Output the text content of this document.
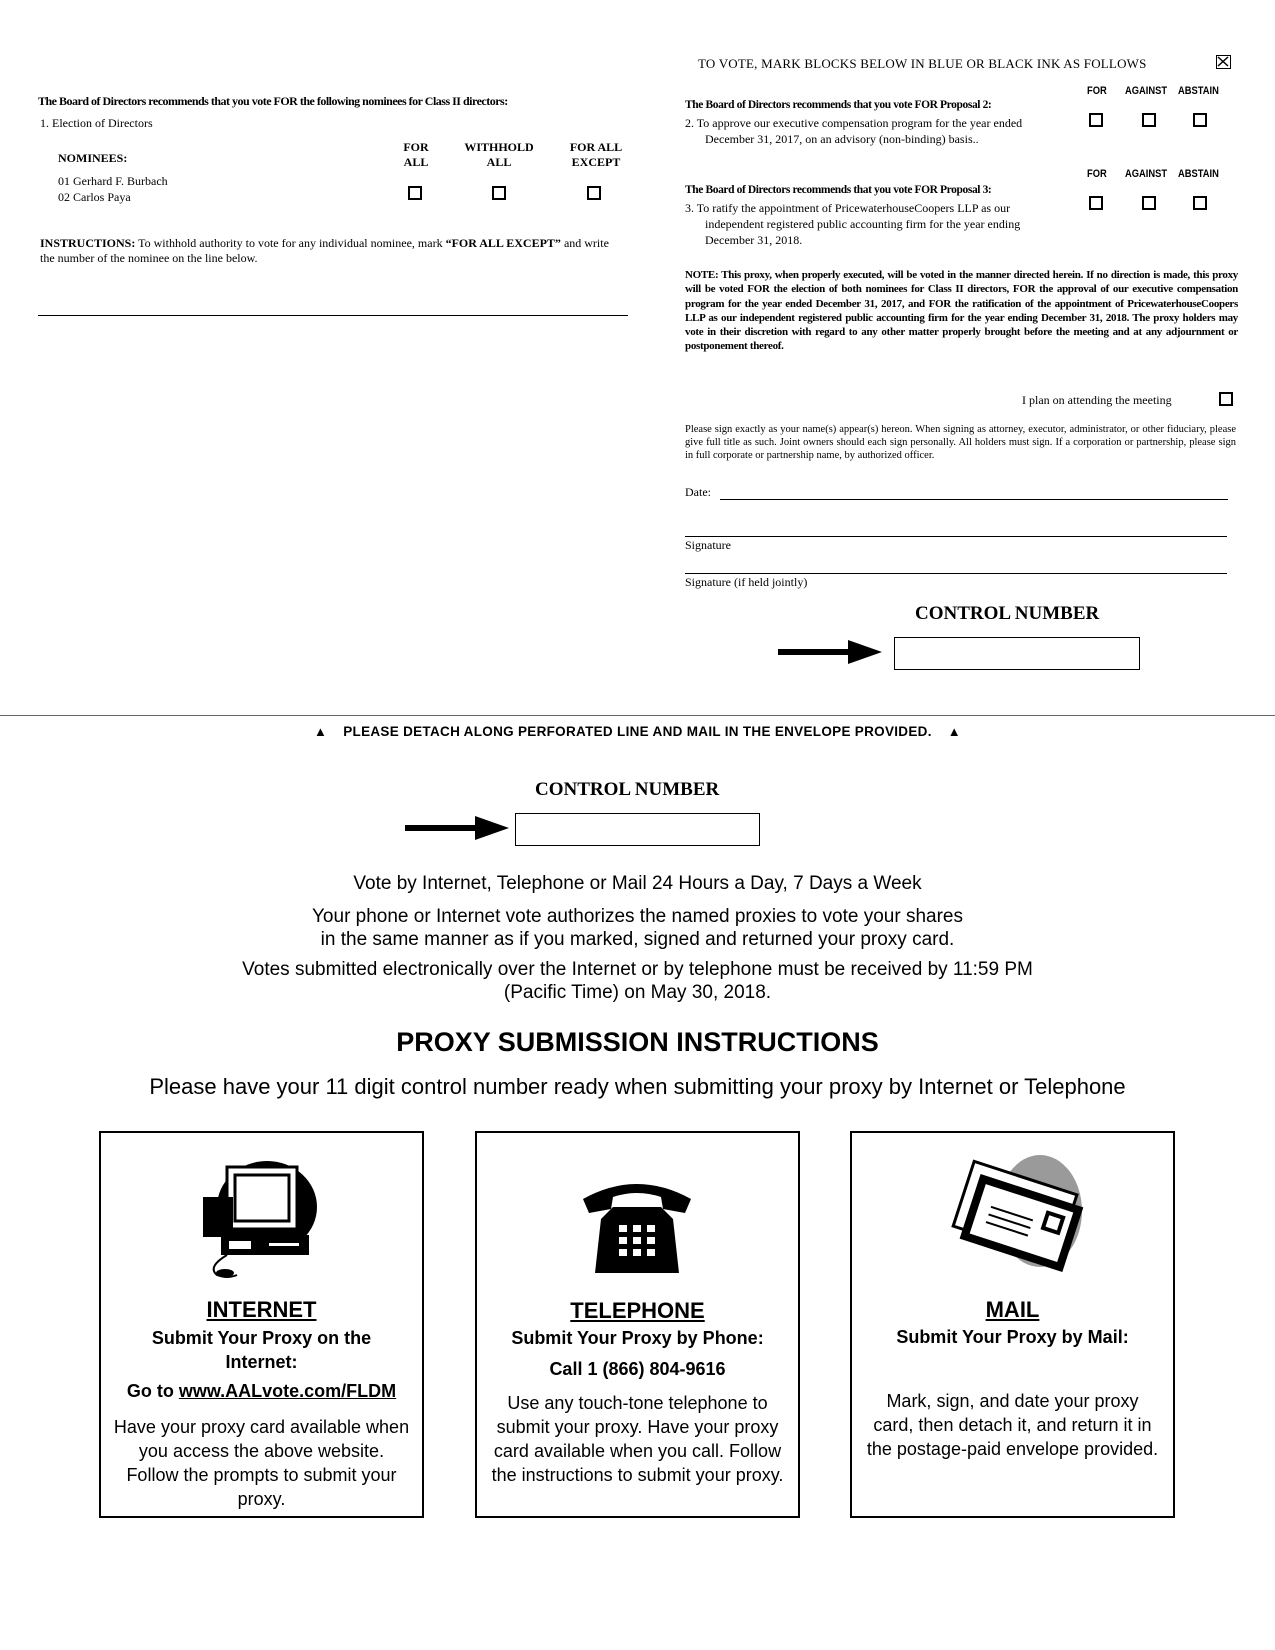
TO VOTE, MARK BLOCKS BELOW IN BLUE OR BLACK INK AS FOLLOWS
The Board of Directors recommends that you vote FOR the following nominees for Class II directors:
1. Election of Directors
FOR
ALL
WITHHOLD
ALL
FOR ALL
EXCEPT
NOMINEES:
01 Gerhard F. Burbach
02 Carlos Paya
INSTRUCTIONS: To withhold authority to vote for any individual nominee, mark “FOR ALL EXCEPT” and write the number of the nominee on the line below.
FOR AGAINST ABSTAIN
The Board of Directors recommends that you vote FOR Proposal 2:
2. To approve our executive compensation program for the year ended December 31, 2017, on an advisory (non-binding) basis..
FOR AGAINST ABSTAIN
The Board of Directors recommends that you vote FOR Proposal 3:
3. To ratify the appointment of PricewaterhouseCoopers LLP as our independent registered public accounting firm for the year ending December 31, 2018.
NOTE: This proxy, when properly executed, will be voted in the manner directed herein. If no direction is made, this proxy will be voted FOR the election of both nominees for Class II directors, FOR the approval of our executive compensation program for the year ended December 31, 2017, and FOR the ratification of the appointment of PricewaterhouseCoopers LLP as our independent registered public accounting firm for the year ending December 31, 2018. The proxy holders may vote in their discretion with regard to any other matter properly brought before the meeting and at any adjournment or postponement thereof.
I plan on attending the meeting
Please sign exactly as your name(s) appear(s) hereon. When signing as attorney, executor, administrator, or other fiduciary, please give full title as such. Joint owners should each sign personally. All holders must sign. If a corporation or partnership, please sign in full corporate or partnership name, by authorized officer.
Date:
Signature
Signature (if held jointly)
CONTROL NUMBER
▲ PLEASE DETACH ALONG PERFORATED LINE AND MAIL IN THE ENVELOPE PROVIDED. ▲
CONTROL NUMBER
Vote by Internet, Telephone or Mail 24 Hours a Day, 7 Days a Week
Your phone or Internet vote authorizes the named proxies to vote your shares
in the same manner as if you marked, signed and returned your proxy card.
Votes submitted electronically over the Internet or by telephone must be received by 11:59 PM
(Pacific Time) on May 30, 2018.
PROXY SUBMISSION INSTRUCTIONS
Please have your 11 digit control number ready when submitting your proxy by Internet or Telephone
INTERNET
Submit Your Proxy on the Internet:
Go to www.AALvote.com/FLDM
Have your proxy card available when you access the above website. Follow the prompts to submit your proxy.
TELEPHONE
Submit Your Proxy by Phone:
Call 1 (866) 804-9616
Use any touch-tone telephone to submit your proxy. Have your proxy card available when you call. Follow the instructions to submit your proxy.
MAIL
Submit Your Proxy by Mail:
Mark, sign, and date your proxy card, then detach it, and return it in the postage-paid envelope provided.
